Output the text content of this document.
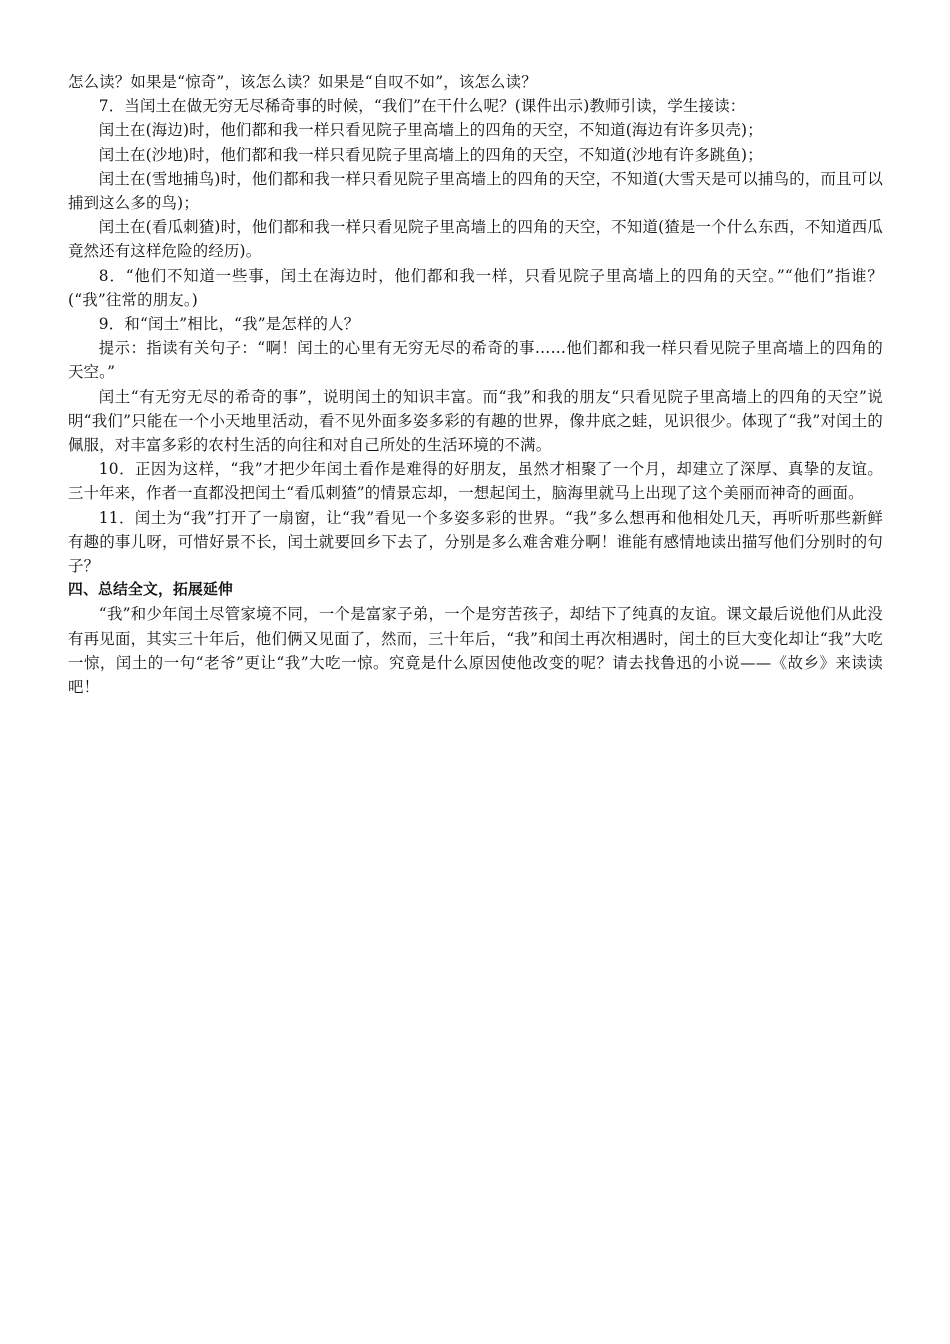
怎么读？如果是“惊奇”，该怎么读？如果是“自叹不如”，该怎么读？

7．当闰土在做无穷无尽稀奇事的时候，“我们”在干什么呢？(课件出示)教师引读，学生接读：

闰土在(海边)时，他们都和我一样只看见院子里高墙上的四角的天空，不知道(海边有许多贝壳)；

闰土在(沙地)时，他们都和我一样只看见院子里高墙上的四角的天空，不知道(沙地有许多跳鱼)；

闰土在(雪地捕鸟)时，他们都和我一样只看见院子里高墙上的四角的天空，不知道(大雪天是可以捕鸟的，而且可以捕到这么多的鸟)；

闰土在(看瓜刺猹)时，他们都和我一样只看见院子里高墙上的四角的天空，不知道(猹是一个什么东西，不知道西瓜竟然还有这样危险的经历)。

8．“他们不知道一些事，闰土在海边时，他们都和我一样，只看见院子里高墙上的四角的天空。”“他们”指谁？(“我”往常的朋友。)

9．和“闰土”相比，“我”是怎样的人？

提示：指读有关句子：“啊！闰土的心里有无穷无尽的希奇的事……他们都和我一样只看见院子里高墙上的四角的天空。”

闰土“有无穷无尽的希奇的事”，说明闰土的知识丰富。而“我”和我的朋友“只看见院子里高墙上的四角的天空”说明“我们”只能在一个小天地里活动，看不见外面多姿多彩的有趣的世界，像井底之蛙，见识很少。体现了“我”对闰土的佩服，对丰富多彩的农村生活的向往和对自己所处的生活环境的不满。

10．正因为这样，“我”才把少年闰土看作是难得的好朋友，虽然才相聚了一个月，却建立了深厚、真挚的友谊。三十年来，作者一直都没把闰土“看瓜刺猹”的情景忘却，一想起闰土，脑海里就马上出现了这个美丽而神奇的画面。

11．闰土为“我”打开了一扇窗，让“我”看见一个多姿多彩的世界。“我”多么想再和他相处几天，再听听那些新鲜有趣的事儿呀，可惜好景不长，闰土就要回乡下去了，分别是多么难舍难分啊！谁能有感情地读出描写他们分别时的句子？

四、总结全文，拓展延伸

“我”和少年闰土尽管家境不同，一个是富家子弟，一个是穷苦孩子，却结下了纯真的友谊。课文最后说他们从此没有再见面，其实三十年后，他们俩又见面了，然而，三十年后，“我”和闰土再次相遇时，闰土的巨大变化却让“我”大吃一惊，闰土的一句“老爷”更让“我”大吃一惊。究竟是什么原因使他改变的呢？请去找鲁迅的小说——《故乡》来读读吧！
